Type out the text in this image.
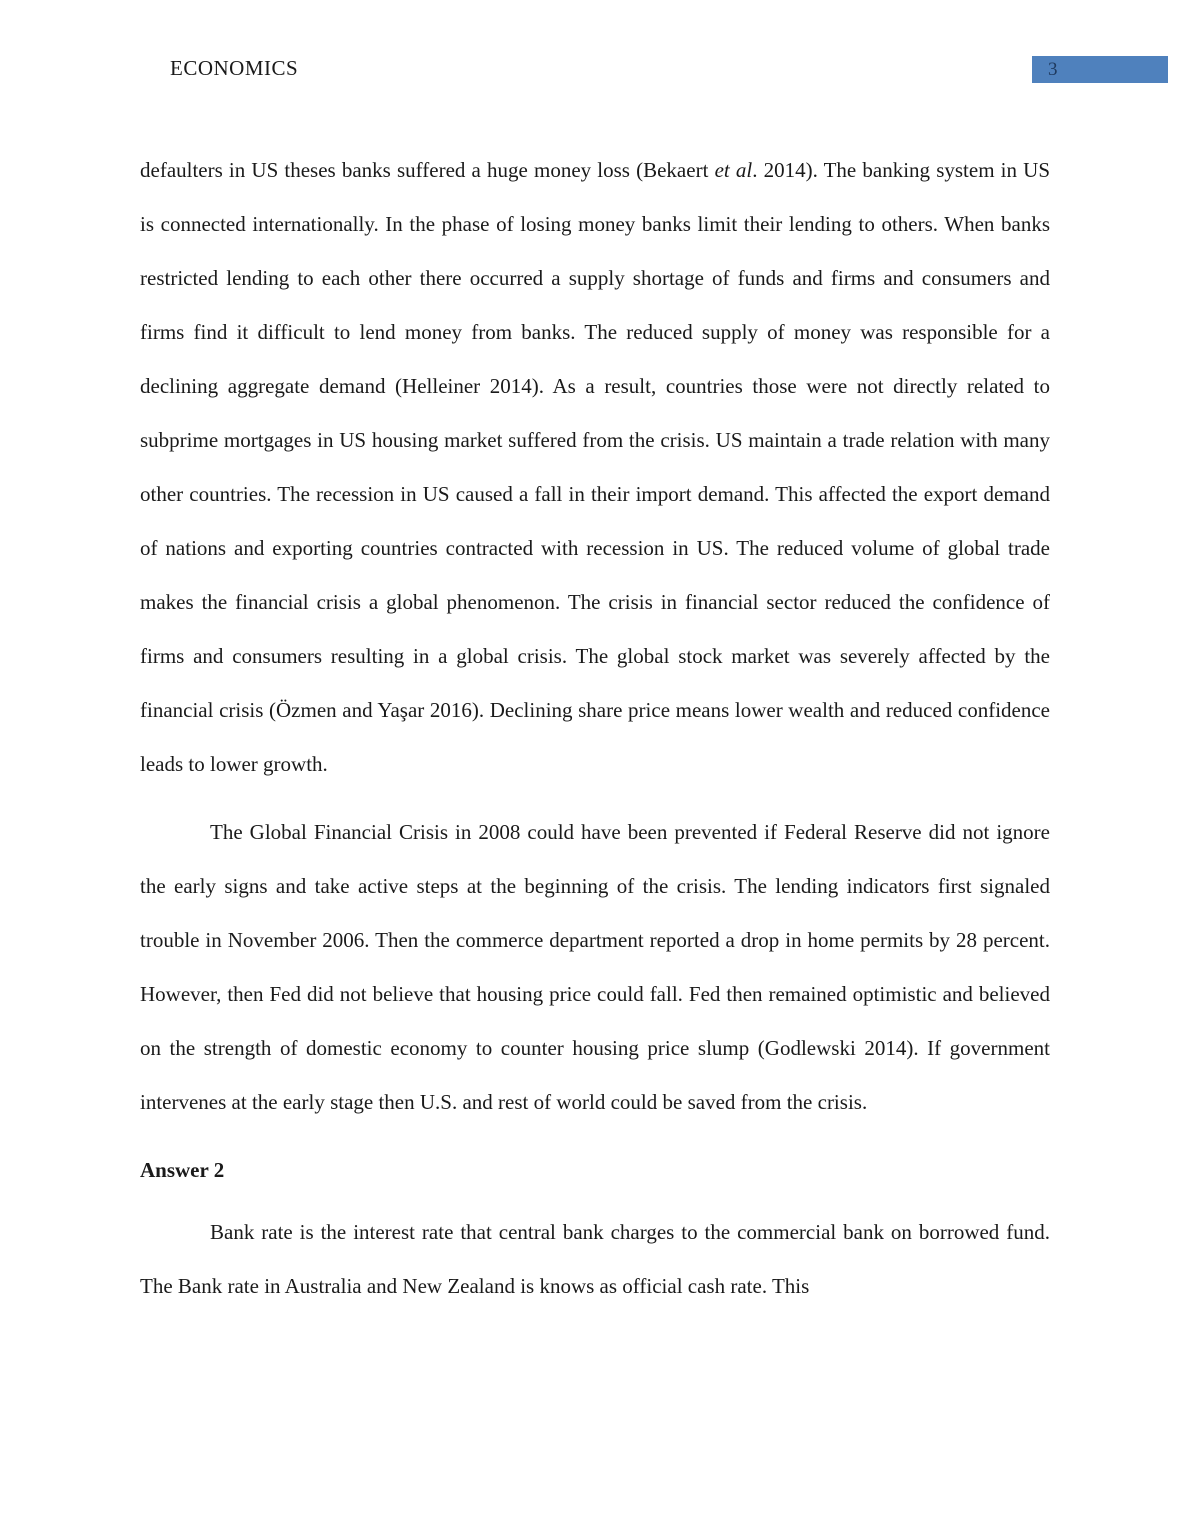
ECONOMICS	3

defaulters in US theses banks suffered a huge money loss (Bekaert et al. 2014). The banking system in US is connected internationally. In the phase of losing money banks limit their lending to others. When banks restricted lending to each other there occurred a supply shortage of funds and firms and consumers and firms find it difficult to lend money from banks. The reduced supply of money was responsible for a declining aggregate demand (Helleiner 2014). As a result, countries those were not directly related to subprime mortgages in US housing market suffered from the crisis. US maintain a trade relation with many other countries. The recession in US caused a fall in their import demand. This affected the export demand of nations and exporting countries contracted with recession in US. The reduced volume of global trade makes the financial crisis a global phenomenon. The crisis in financial sector reduced the confidence of firms and consumers resulting in a global crisis. The global stock market was severely affected by the financial crisis (Özmen and Yaşar 2016). Declining share price means lower wealth and reduced confidence leads to lower growth.

The Global Financial Crisis in 2008 could have been prevented if Federal Reserve did not ignore the early signs and take active steps at the beginning of the crisis. The lending indicators first signaled trouble in November 2006. Then the commerce department reported a drop in home permits by 28 percent. However, then Fed did not believe that housing price could fall. Fed then remained optimistic and believed on the strength of domestic economy to counter housing price slump (Godlewski 2014). If government intervenes at the early stage then U.S. and rest of world could be saved from the crisis.

Answer 2

Bank rate is the interest rate that central bank charges to the commercial bank on borrowed fund. The Bank rate in Australia and New Zealand is knows as official cash rate. This
